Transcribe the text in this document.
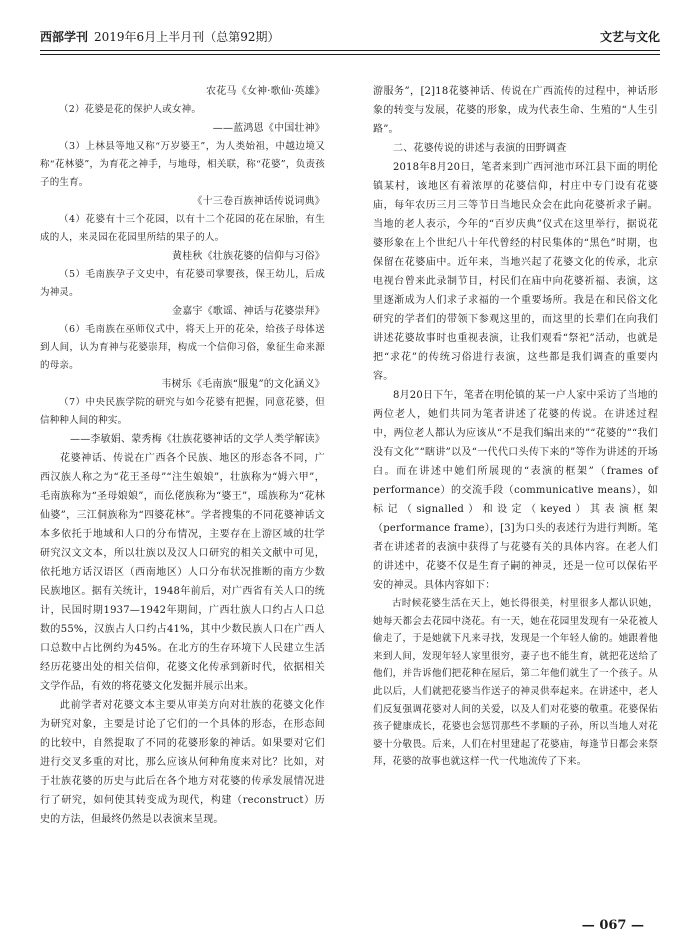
西部学刊 2019年6月上半月刊（总第92期）	文艺与文化

农花马《女神·歌仙·英雄》

（2）花婆是花的保护人或女神。

——蓝鸿恩《中国壮神》

（3）上林县等地又称“万岁婆王”，为人类始祖，中越边境又称“花林婆”，为育花之神手，与地母，相关联，称“花婆”，负责孩子的生育。

《十三卷百族神话传说词典》

（4）花婆有十三个花园，以有十二个花园的花在尿胎，有生成的人，来灵园在花园里所结的果子的人。

黄桂秋《壮族花婆的信仰与习俗》

（5）毛南族孕子文史中，有花婆司掌婴孩，保王幼儿，后成为神灵。

金嘉宇《歌谣、神话与花婆崇拜》

（6）毛南族在巫师仪式中，将天上开的花朵，给孩子母体送到人间，认为育神与花婆崇拜，构成一个信仰习俗，象征生命来源的母亲。

韦树乐《毛南族“服鬼”的文化涵义》

（7）中央民族学院的研究与如今花婆有把握，同意花婆，但信种种人间的种实。

——李敏娟、蒙秀梅《壮族花婆神话的文学人类学解读》

花婆神话、传说在广西各个民族、地区的形态各不同，广西汉族人称之为“花王圣母”“注生娘娘”，壮族称为“姆六甲”，毛南族称为“圣母娘娘”，而仫佬族称为“婆王”，瑶族称为“花林仙婆”，三江侗族称为“四婆花林”。学者搜集的不同花婆神话文本多依托于地域和人口的分布情况，主要存在上游区域的壮学研究汉文文本，所以壮族以及汉人口研究的相关文献中可见，依托地方话汉语区（西南地区）人口分布状况推断的南方少数民族地区。据有关统计，1948年前后，对广西省有关人口的统计，民国时期1937—1942年期间，广西壮族人口约占人口总数的55%，汉族占人口约占41%，其中少数民族人口在广西人口总数中占比例约为45%。在北方的生存环境下人民建立生活经历花婆出处的相关信仰，花婆文化传承到新时代，依据相关文学作品，有效的将花婆文化发掘并展示出来。

此前学者对花婆文本主要从审美方向对壮族的花婆文化作为研究对象，主要是讨论了它们的一个具体的形态，在形态间的比较中，自然提取了不同的花婆形象的神话。如果要对它们进行交叉多重的对比，那么应该从何种角度来对比？比如，对于壮族花婆的历史与此后在各个地方对花婆的传承发展情况进行了研究，如何使其转变成为现代，构建（reconstruct）历史的方法，但最终仍然是以表演来呈现。

游服务”，[2]18花婆神话、传说在广西流传的过程中，神话形象的转变与发展，花婆的形象，成为代表生命、生殖的“人生引路”。

二、花婆传说的讲述与表演的田野调查

2018年8月20日，笔者来到广西河池市环江县下面的明伦镇某村，该地区有着浓厚的花婆信仰，村庄中专门设有花婆庙，每年农历三月三等节日当地民众会在此向花婆祈求子嗣。当地的老人表示，今年的“百岁庆典”仪式在这里举行，据说花婆形象在上个世纪八十年代曾经的村民集体的“黑色”时期，也保留在花婆庙中。近年来，当地兴起了花婆文化的传承，北京电视台曾来此录制节目，村民们在庙中向花婆祈福、表演，这里逐渐成为人们求子求福的一个重要场所。我是在和民俗文化研究的学者们的带领下参观这里的，而这里的长辈们在向我们讲述花婆故事时也重视表演，让我们观看“祭祀”活动，也就是把“求花”的传统习俗进行表演，这些都是我们调查的重要内容。

8月20日下午，笔者在明伦镇的某一户人家中采访了当地的两位老人，她们共同为笔者讲述了花婆的传说。在讲述过程中，两位老人都认为应该从“不是我们编出来的”“花婆的”“我们没有文化”“瞎讲”以及“一代代口头传下来的”等作为讲述的开场白。而在讲述中她们所展现的“表演的框架”（frames of performance）的交流手段（communicative means），如标记（signalled）和设定（keyed）其表演框架（performance frame），[3]为口头的表述行为进行判断。笔者在讲述者的表演中获得了与花婆有关的具体内容。在老人们的讲述中，花婆不仅是生育子嗣的神灵，还是一位可以保佑平安的神灵。具体内容如下：

古时候花婆生活在天上，她长得很美，村里很多人都认识她，她每天都会去花园中浇花。有一天，她在花园里发现有一朵花被人偷走了，于是她就下凡来寻找，发现是一个年轻人偷的。她跟着他来到人间，发现年轻人家里很穷，妻子也不能生育，就把花送给了他们，并告诉他们把花种在屋后，第二年他们就生了一个孩子。从此以后，人们就把花婆当作送子的神灵供奉起来。在讲述中，老人们反复强调花婆对人间的关爱，以及人们对花婆的敬重。花婆保佑孩子健康成长，花婆也会惩罚那些不孝顺的子孙，所以当地人对花婆十分敬畏。后来，人们在村里建起了花婆庙，每逢节日都会来祭拜，花婆的故事也就这样一代一代地流传了下来。

— 067 —
